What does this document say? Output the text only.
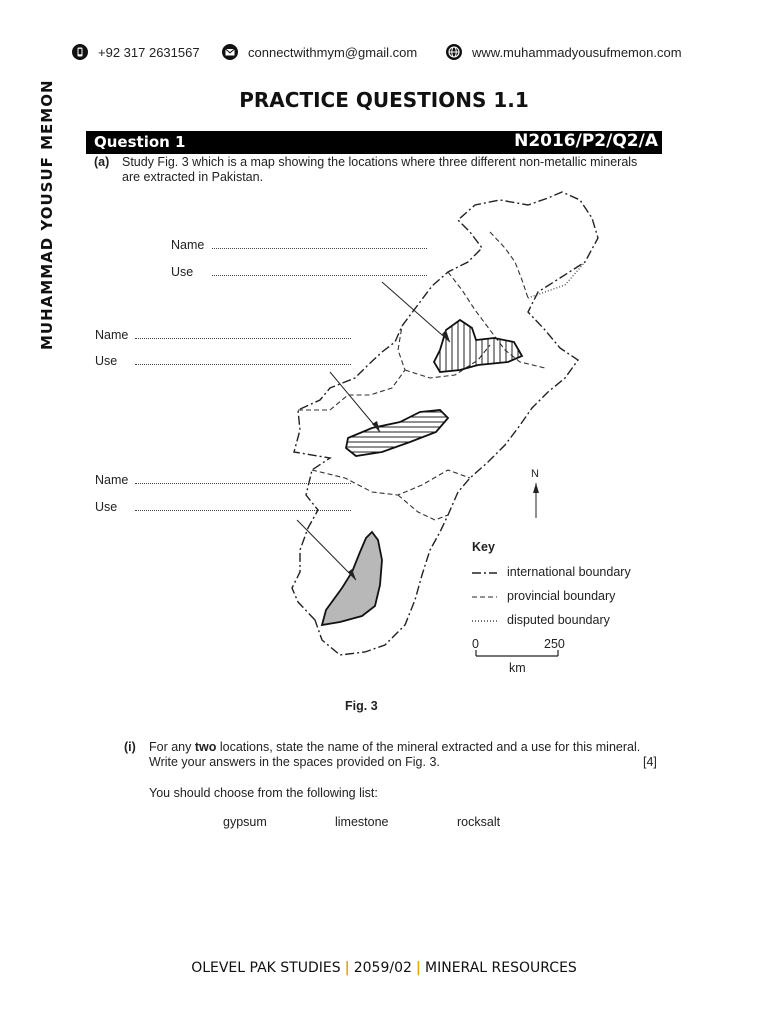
+92 317 2631567	connectwithmym@gmail.com	www.muhammadyousufmemon.com
MUHAMMAD YOUSUF MEMON	PRACTICE QUESTIONS 1.1
Question 1	N2016/P2/Q2/A
(a) Study Fig. 3 which is a map showing the locations where three different non-metallic minerals
are extracted in Pakistan.
Name
Use
Name
Use
Name
Use
N
Key
international boundary
provincial boundary
disputed boundary
0	250
km
Fig. 3
(i) For any two locations, state the name of the mineral extracted and a use for this mineral.
Write your answers in the spaces provided on Fig. 3.	[4]
You should choose from the following list:
gypsum	limestone	rocksalt
OLEVEL PAK STUDIES | 2059/02 | MINERAL RESOURCES
